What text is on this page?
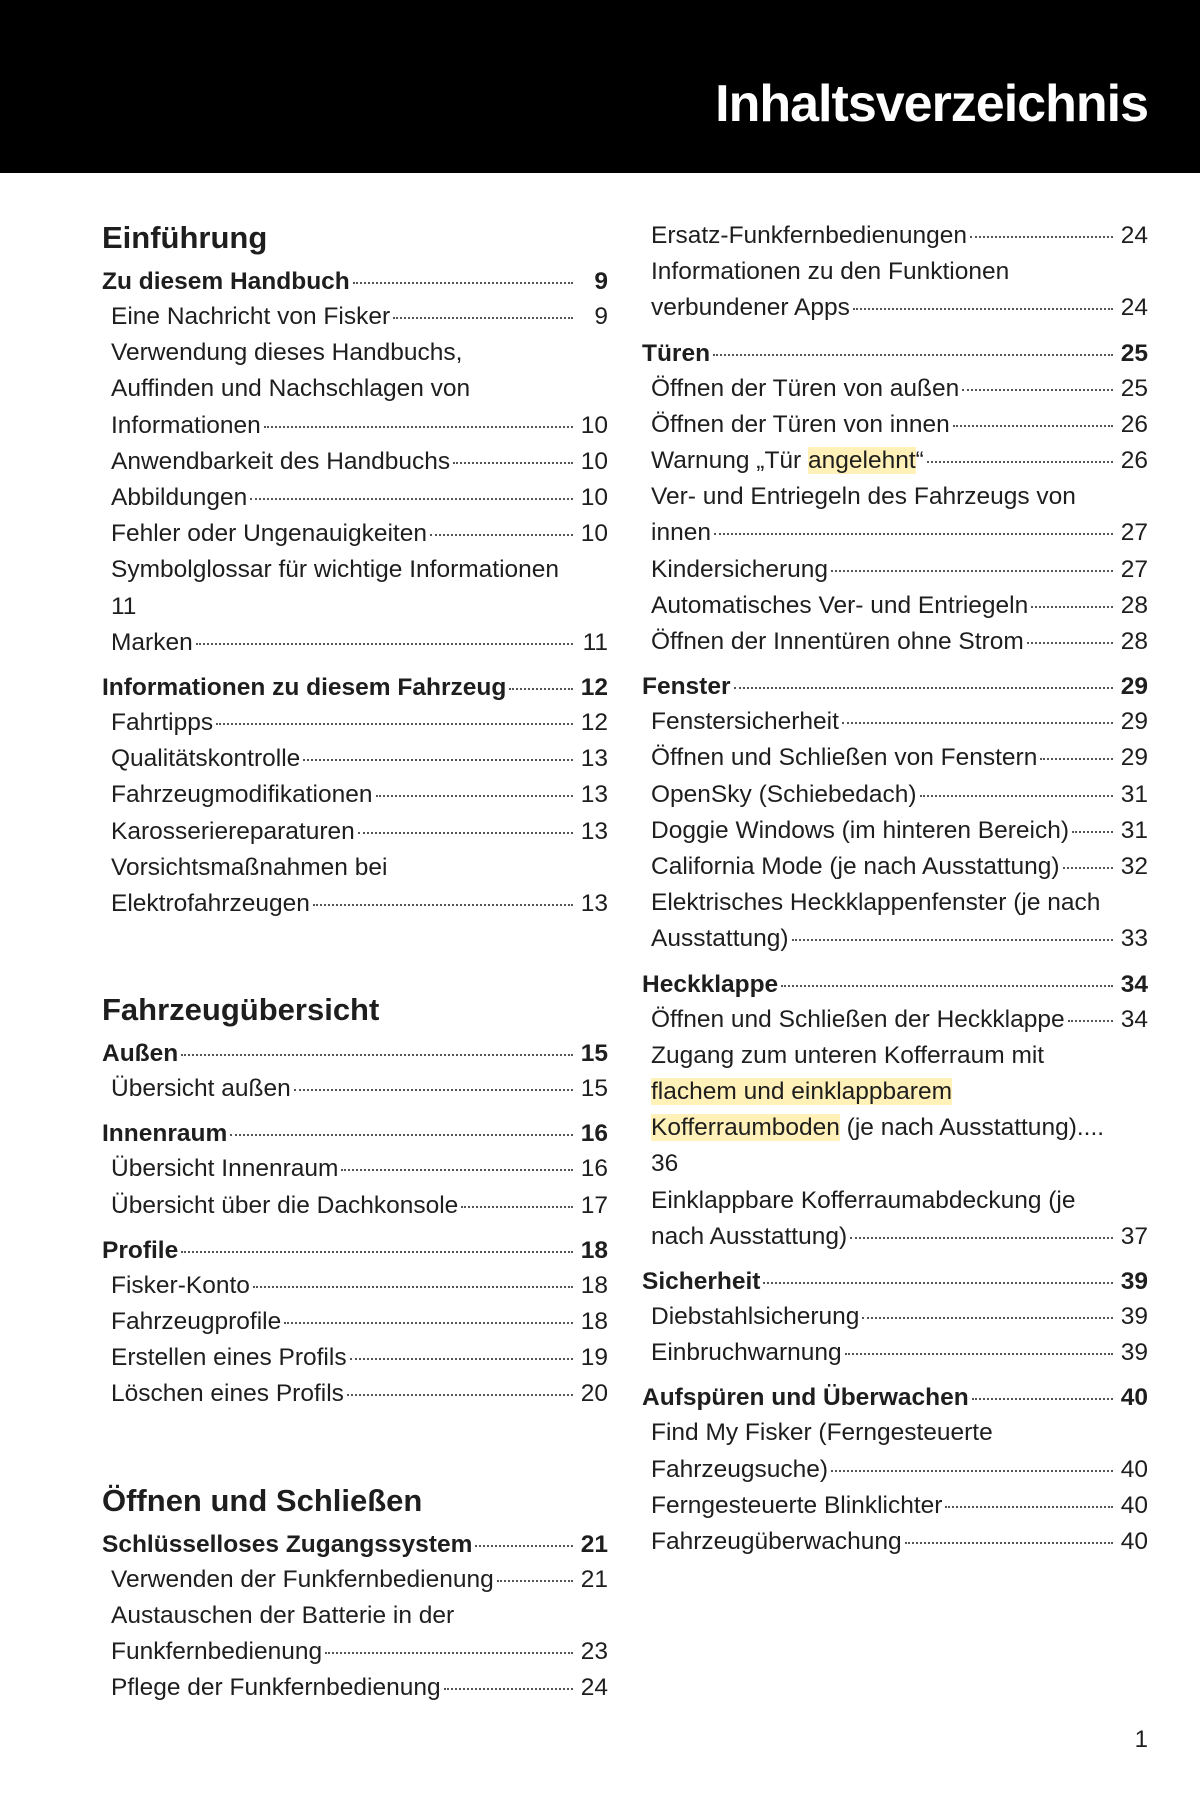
Inhaltsverzeichnis
Einführung
Zu diesem Handbuch	9
Eine Nachricht von Fisker	9
Verwendung dieses Handbuchs,
Auffinden und Nachschlagen von
Informationen	10
Anwendbarkeit des Handbuchs	10
Abbildungen	10
Fehler oder Ungenauigkeiten	10
Symbolglossar für wichtige Informationen
11
Marken	11
Informationen zu diesem Fahrzeug	12
Fahrtipps	12
Qualitätskontrolle	13
Fahrzeugmodifikationen	13
Karosseriereparaturen	13
Vorsichtsmaßnahmen bei
Elektrofahrzeugen	13
Fahrzeugübersicht
Außen	15
Übersicht außen	15
Innenraum	16
Übersicht Innenraum	16
Übersicht über die Dachkonsole	17
Profile	18
Fisker-Konto	18
Fahrzeugprofile	18
Erstellen eines Profils	19
Löschen eines Profils	20
Öffnen und Schließen
Schlüsselloses Zugangssystem	21
Verwenden der Funkfernbedienung	21
Austauschen der Batterie in der
Funkfernbedienung	23
Pflege der Funkfernbedienung	24
Ersatz-Funkfernbedienungen	24
Informationen zu den Funktionen
verbundener Apps	24
Türen	25
Öffnen der Türen von außen	25
Öffnen der Türen von innen	26
Warnung „Tür angelehnt“	26
Ver- und Entriegeln des Fahrzeugs von
innen	27
Kindersicherung	27
Automatisches Ver- und Entriegeln	28
Öffnen der Innentüren ohne Strom	28
Fenster	29
Fenstersicherheit	29
Öffnen und Schließen von Fenstern	29
OpenSky (Schiebedach)	31
Doggie Windows (im hinteren Bereich) 31
California Mode (je nach Ausstattung) 32
Elektrisches Heckklappenfenster (je nach
Ausstattung)	33
Heckklappe	34
Öffnen und Schließen der Heckklappe 34
Zugang zum unteren Kofferraum mit
flachem und einklappbarem
Kofferraumboden (je nach Ausstattung)....
36
Einklappbare Kofferraumabdeckung (je
nach Ausstattung)	37
Sicherheit	39
Diebstahlsicherung	39
Einbruchwarnung	39
Aufspüren und Überwachen	40
Find My Fisker (Ferngesteuerte
Fahrzeugsuche)	40
Ferngesteuerte Blinklichter	40
Fahrzeugüberwachung	40
1
